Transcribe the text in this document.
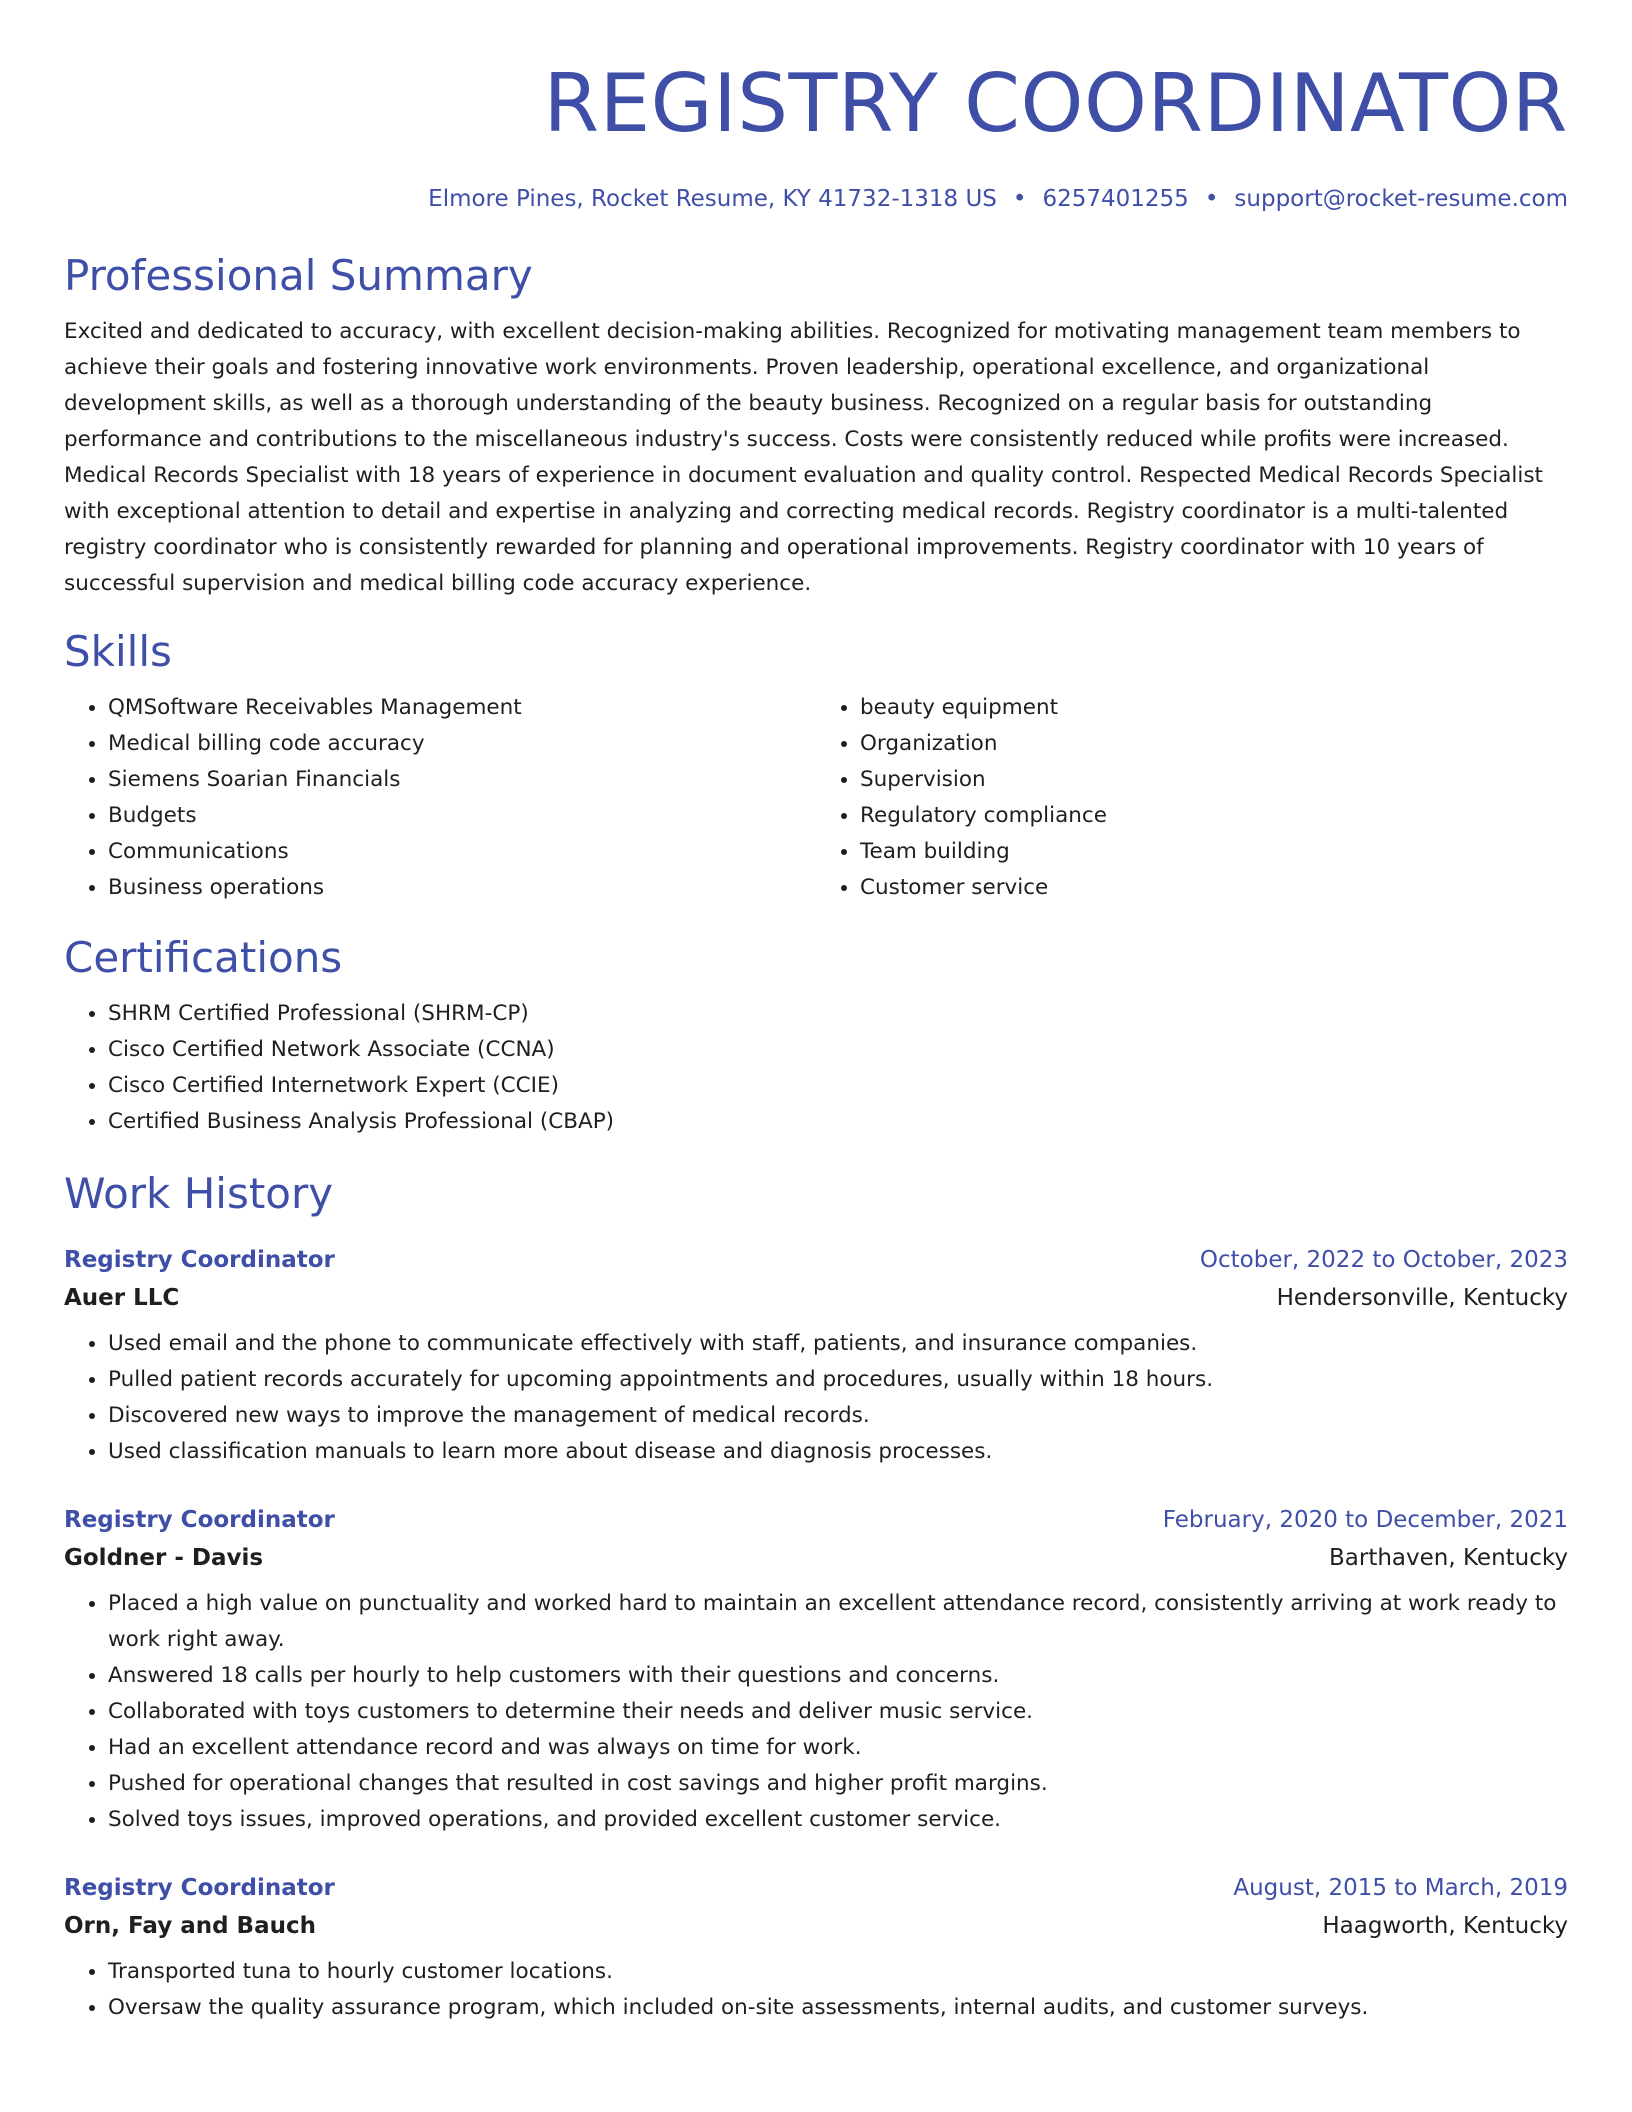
REGISTRY COORDINATOR
Elmore Pines, Rocket Resume, KY 41732-1318 US • 6257401255 • support@rocket-resume.com
Professional Summary

Excited and dedicated to accuracy, with excellent decision-making abilities. Recognized for motivating management team members to achieve their goals and fostering innovative work environments. Proven leadership, operational excellence, and organizational development skills, as well as a thorough understanding of the beauty business. Recognized on a regular basis for outstanding performance and contributions to the miscellaneous industry's success. Costs were consistently reduced while profits were increased. Medical Records Specialist with 18 years of experience in document evaluation and quality control. Respected Medical Records Specialist with exceptional attention to detail and expertise in analyzing and correcting medical records. Registry coordinator is a multi-talented registry coordinator who is consistently rewarded for planning and operational improvements. Registry coordinator with 10 years of successful supervision and medical billing code accuracy experience.

Skills
• QMSoftware Receivables Management
• Medical billing code accuracy
• Siemens Soarian Financials
• Budgets
• Communications
• Business operations
• beauty equipment
• Organization
• Supervision
• Regulatory compliance
• Team building
• Customer service
Certifications
• SHRM Certified Professional (SHRM-CP)
• Cisco Certified Network Associate (CCNA)
• Cisco Certified Internetwork Expert (CCIE)
• Certified Business Analysis Professional (CBAP)
Work History
Registry Coordinator	October, 2022 to October, 2023
Auer LLC	Hendersonville, Kentucky
• Used email and the phone to communicate effectively with staff, patients, and insurance companies.
• Pulled patient records accurately for upcoming appointments and procedures, usually within 18 hours.
• Discovered new ways to improve the management of medical records.
• Used classification manuals to learn more about disease and diagnosis processes.
Registry Coordinator	February, 2020 to December, 2021
Goldner - Davis	Barthaven, Kentucky
• Placed a high value on punctuality and worked hard to maintain an excellent attendance record, consistently arriving at work ready to work right away.
• Answered 18 calls per hourly to help customers with their questions and concerns.
• Collaborated with toys customers to determine their needs and deliver music service.
• Had an excellent attendance record and was always on time for work.
• Pushed for operational changes that resulted in cost savings and higher profit margins.
• Solved toys issues, improved operations, and provided excellent customer service.
Registry Coordinator	August, 2015 to March, 2019
Orn, Fay and Bauch	Haagworth, Kentucky
• Transported tuna to hourly customer locations.
• Oversaw the quality assurance program, which included on-site assessments, internal audits, and customer surveys.
